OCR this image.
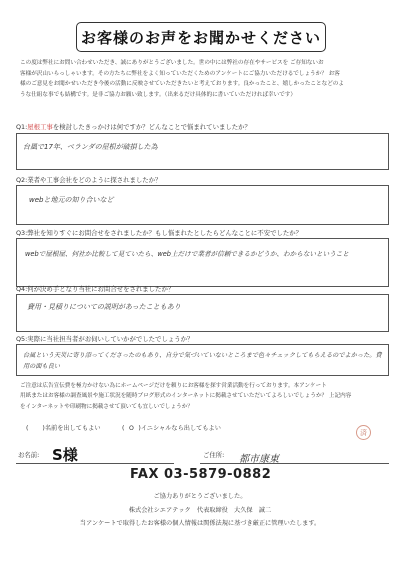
お客様のお声をお聞かせください

この度は弊社にお問い合わせいただき、誠にありがとうございました。世の中には弊社の存在やサービスを ご存知ないお

客様が沢山いらっしゃいます。その方たちに弊社をよく知っていただくためのアンケートにご協力いただけるでしょうか？ お客

様のご意見をお聞かせいただき今後の活動に反映させていただきたいと考えております。良かったこと、嬉しかったことなどのよ

うな仕組な事でも結構です。是非ご協力お願い致します。（出来るだけ具体的に書いていただければ幸いです）

Q1:屋根工事を検討したきっかけは何ですか？どんなことで悩まれていましたか？
台風で17年、ベランダの屋根が破損した為
Q2:業者や工事会社をどのように探されましたか？
webと地元の知り合いなど
Q3:弊社を知りすぐにお問合せをされましたか？もし悩まれたとしたらどんなことに不安でしたか？
webで屋根屋、何社か比較して見ていたら、web上だけで業者が信頼できるかどうか、わからないということ
Q4:何が決め手となり当社にお問合せをされましたか？
費用・見積りについての説明があったこともあり
Q5:実際に当社担当者がお伺いしていかがでしたでしょうか？
台風という天災に寄り添ってくださったのもあり、自分で気づいていないところまで色々チェックしてもらえるのでよかった。費用の面も良い

ご注意は広告宣伝費を極力かけない為にホームページだけを頼りにお客様を探す営業活動を行っております。本アンケート

用紙またはお客様の調査風景や施工状況を随時ブログ形式のインターネットに掲載させていただいてよろしいでしょうか？ 上記内容

をインターネットや印刷物に掲載させて頂いても宜しいでしょうか？

( )名前を出してもよい	( O )イニシャルなら出してもよい	済
お名前: S様	ご住所: 都市康東
FAX 03-5879-0882
ご協力ありがとうございました。
株式会社シエアテック　代表取締役　大久保　誠二
当アンケートで取得したお客様の個人情報は関係法規に基づき厳正に管理いたします。
